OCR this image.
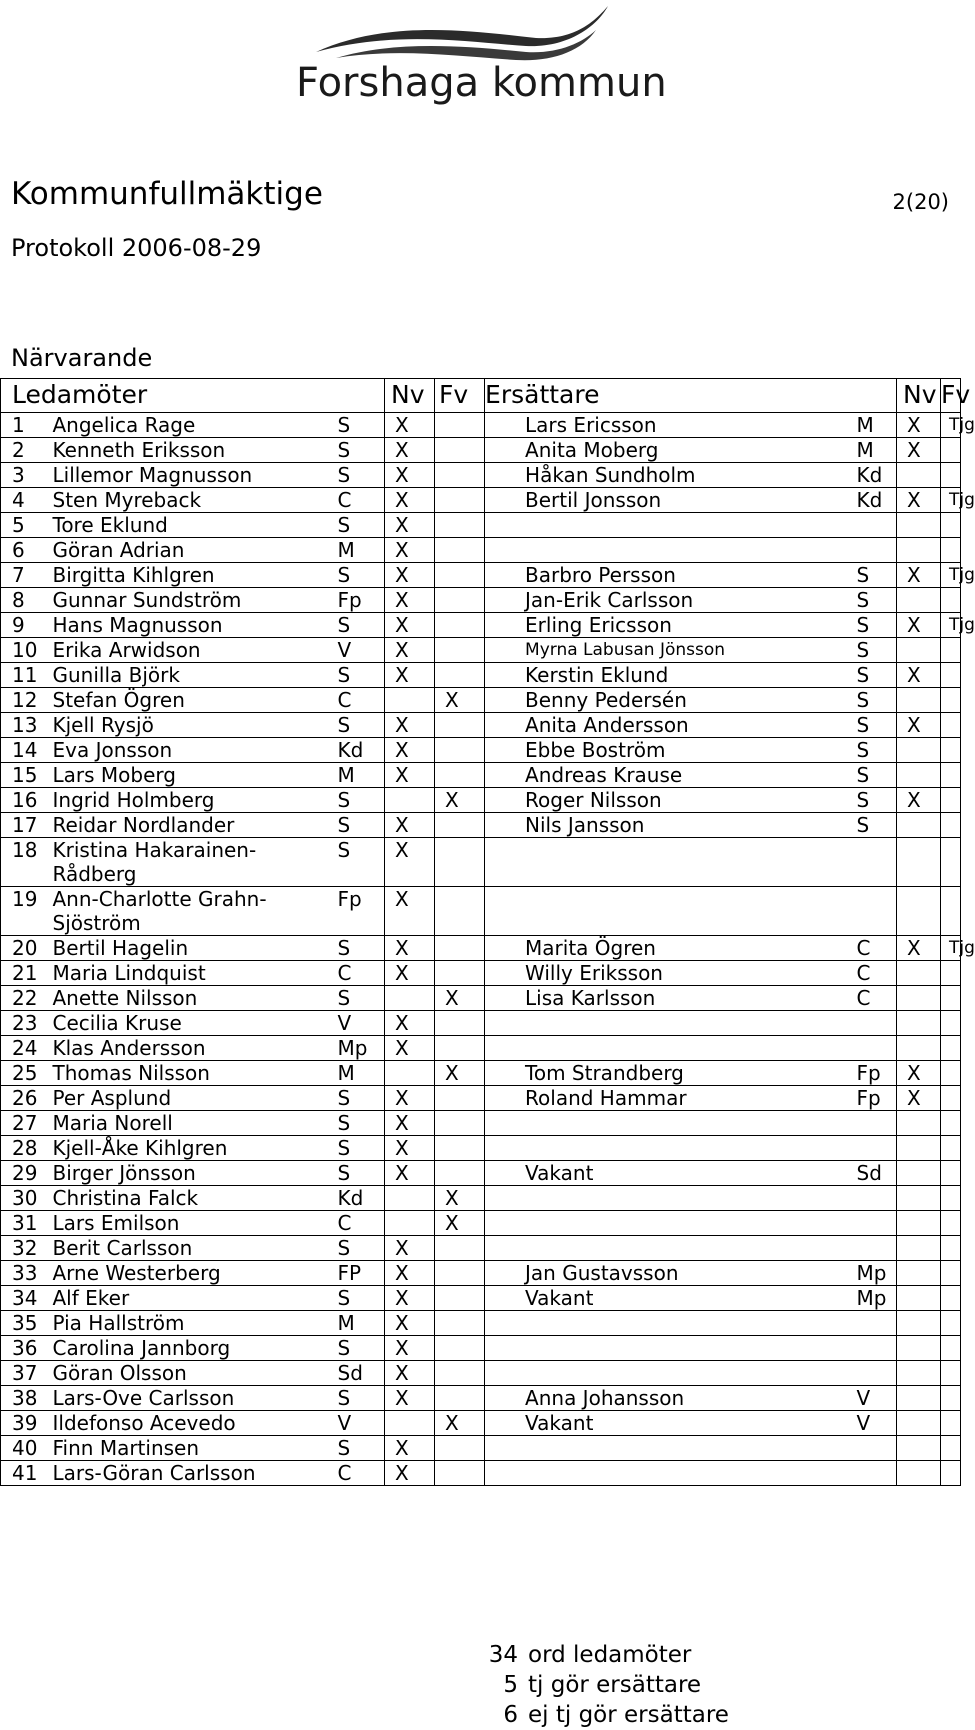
Forshaga kommun
Kommunfullmäktige	2(20)
Protokoll 2006-08-29
Närvarande
Ledamöter			Nv	Fv	Ersättare		Nv	Fv
1	Angelica Rage	S	X		Lars Ericsson	M	X	Tjg
2	Kenneth Eriksson	S	X		Anita Moberg	M	X	
3	Lillemor Magnusson	S	X		Håkan Sundholm	Kd		
4	Sten Myreback	C	X		Bertil Jonsson	Kd	X	Tjg
5	Tore Eklund	S	X					
6	Göran Adrian	M	X					
7	Birgitta Kihlgren	S	X		Barbro Persson	S	X	Tjg
8	Gunnar Sundström	Fp	X		Jan-Erik Carlsson	S		
9	Hans Magnusson	S	X		Erling Ericsson	S	X	Tjg
10	Erika Arwidson	V	X		Myrna Labusan Jönsson	S		
11	Gunilla Björk	S	X		Kerstin Eklund	S	X	
12	Stefan Ögren	C		X	Benny Pedersén	S		
13	Kjell Rysjö	S	X		Anita Andersson	S	X	
14	Eva Jonsson	Kd	X		Ebbe Boström	S		
15	Lars Moberg	M	X		Andreas Krause	S		
16	Ingrid Holmberg	S		X	Roger Nilsson	S	X	
17	Reidar Nordlander	S	X		Nils Jansson	S		
18	Kristina Hakarainen-Rådberg	S	X					
19	Ann-Charlotte Grahn-Sjöström	Fp	X					
20	Bertil Hagelin	S	X		Marita Ögren	C	X	Tjg
21	Maria Lindquist	C	X		Willy Eriksson	C		
22	Anette Nilsson	S		X	Lisa Karlsson	C		
23	Cecilia Kruse	V	X					
24	Klas Andersson	Mp	X					
25	Thomas Nilsson	M		X	Tom Strandberg	Fp	X	
26	Per Asplund	S	X		Roland Hammar	Fp	X	
27	Maria Norell	S	X					
28	Kjell-Åke Kihlgren	S	X					
29	Birger Jönsson	S	X		Vakant	Sd		
30	Christina Falck	Kd		X				
31	Lars Emilson	C		X				
32	Berit Carlsson	S	X					
33	Arne Westerberg	FP	X		Jan Gustavsson	Mp		
34	Alf Eker	S	X		Vakant	Mp		
35	Pia Hallström	M	X					
36	Carolina Jannborg	S	X					
37	Göran Olsson	Sd	X					
38	Lars-Ove Carlsson	S	X		Anna Johansson	V		
39	Ildefonso Acevedo	V		X	Vakant	V		
40	Finn Martinsen	S	X					
41	Lars-Göran Carlsson	C	X					
34 ord ledamöter
5 tj gör ersättare
6 ej tj gör ersättare
